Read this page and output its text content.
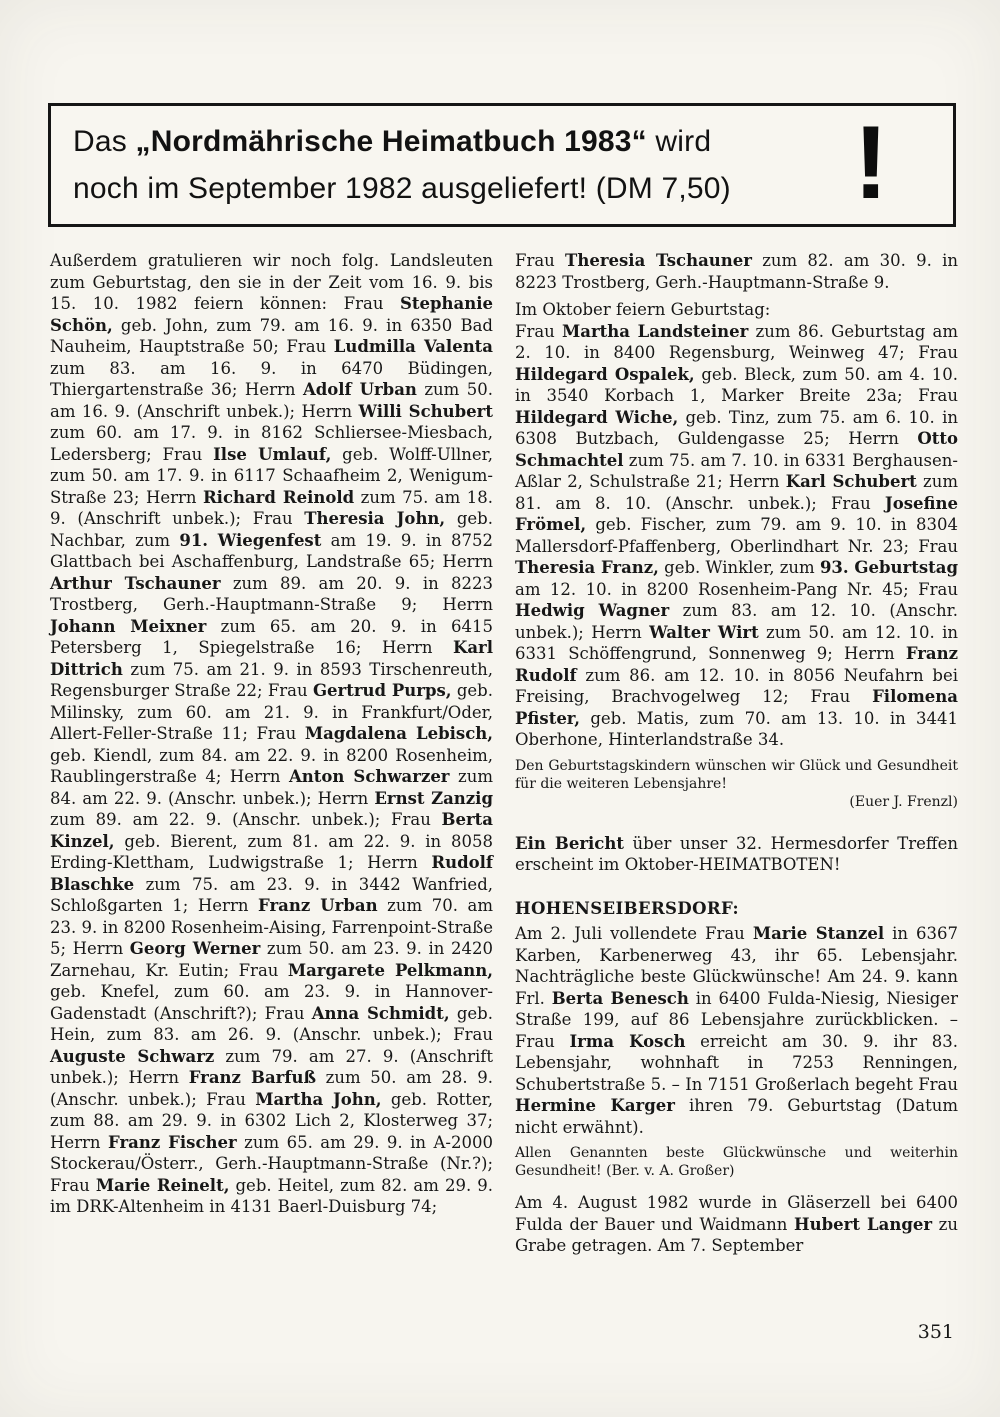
Das „Nordmährische Heimatbuch 1983“ wird
noch im September 1982 ausgeliefert! (DM 7,50)	!

Außerdem gratulieren wir noch folg. Landsleuten zum Geburtstag, den sie in der Zeit vom 16. 9. bis 15. 10. 1982 feiern können: Frau Stephanie Schön, geb. John, zum 79. am 16. 9. in 6350 Bad Nauheim, Hauptstraße 50; Frau Ludmilla Valenta zum 83. am 16. 9. in 6470 Büdingen, Thiergartenstraße 36; Herrn Adolf Urban zum 50. am 16. 9. (Anschrift unbek.); Herrn Willi Schubert zum 60. am 17. 9. in 8162 Schliersee-Miesbach, Ledersberg; Frau Ilse Umlauf, geb. Wolff-Ullner, zum 50. am 17. 9. in 6117 Schaafheim 2, Wenigum-Straße 23; Herrn Richard Reinold zum 75. am 18. 9. (Anschrift unbek.); Frau Theresia John, geb. Nachbar, zum 91. Wiegenfest am 19. 9. in 8752 Glattbach bei Aschaffenburg, Landstraße 65; Herrn Arthur Tschauner zum 89. am 20. 9. in 8223 Trostberg, Gerh.-Hauptmann-Straße 9; Herrn Johann Meixner zum 65. am 20. 9. in 6415 Petersberg 1, Spiegelstraße 16; Herrn Karl Dittrich zum 75. am 21. 9. in 8593 Tirschenreuth, Regensburger Straße 22; Frau Gertrud Purps, geb. Milinsky, zum 60. am 21. 9. in Frankfurt/Oder, Allert-Feller-Straße 11; Frau Magdalena Lebisch, geb. Kiendl, zum 84. am 22. 9. in 8200 Rosenheim, Raublingerstraße 4; Herrn Anton Schwarzer zum 84. am 22. 9. (Anschr. unbek.); Herrn Ernst Zanzig zum 89. am 22. 9. (Anschr. unbek.); Frau Berta Kinzel, geb. Bierent, zum 81. am 22. 9. in 8058 Erding-Klettham, Ludwigstraße 1; Herrn Rudolf Blaschke zum 75. am 23. 9. in 3442 Wanfried, Schloßgarten 1; Herrn Franz Urban zum 70. am 23. 9. in 8200 Rosenheim-Aising, Farrenpoint-Straße 5; Herrn Georg Werner zum 50. am 23. 9. in 2420 Zarnehau, Kr. Eutin; Frau Margarete Pelkmann, geb. Knefel, zum 60. am 23. 9. in Hannover-Gadenstadt (Anschrift?); Frau Anna Schmidt, geb. Hein, zum 83. am 26. 9. (Anschr. unbek.); Frau Auguste Schwarz zum 79. am 27. 9. (Anschrift unbek.); Herrn Franz Barfuß zum 50. am 28. 9. (Anschr. unbek.); Frau Martha John, geb. Rotter, zum 88. am 29. 9. in 6302 Lich 2, Klosterweg 37; Herrn Franz Fischer zum 65. am 29. 9. in A-2000 Stockerau/Österr., Gerh.-Hauptmann-Straße (Nr.?); Frau Marie Reinelt, geb. Heitel, zum 82. am 29. 9. im DRK-Altenheim in 4131 Baerl-Duisburg 74;

Frau Theresia Tschauner zum 82. am 30. 9. in 8223 Trostberg, Gerh.-Hauptmann-Straße 9.

Im Oktober feiern Geburtstag:

Frau Martha Landsteiner zum 86. Geburtstag am 2. 10. in 8400 Regensburg, Weinweg 47; Frau Hildegard Ospalek, geb. Bleck, zum 50. am 4. 10. in 3540 Korbach 1, Marker Breite 23a; Frau Hildegard Wiche, geb. Tinz, zum 75. am 6. 10. in 6308 Butzbach, Guldengasse 25; Herrn Otto Schmachtel zum 75. am 7. 10. in 6331 Berghausen-Aßlar 2, Schulstraße 21; Herrn Karl Schubert zum 81. am 8. 10. (Anschr. unbek.); Frau Josefine Frömel, geb. Fischer, zum 79. am 9. 10. in 8304 Mallersdorf-Pfaffenberg, Oberlindhart Nr. 23; Frau Theresia Franz, geb. Winkler, zum 93. Geburtstag am 12. 10. in 8200 Rosenheim-Pang Nr. 45; Frau Hedwig Wagner zum 83. am 12. 10. (Anschr. unbek.); Herrn Walter Wirt zum 50. am 12. 10. in 6331 Schöffengrund, Sonnenweg 9; Herrn Franz Rudolf zum 86. am 12. 10. in 8056 Neufahrn bei Freising, Brachvogelweg 12; Frau Filomena Pfister, geb. Matis, zum 70. am 13. 10. in 3441 Oberhone, Hinterlandstraße 34.

Den Geburtstagskindern wünschen wir Glück und Gesundheit für die weiteren Lebensjahre!

(Euer J. Frenzl)

Ein Bericht über unser 32. Hermesdorfer Treffen erscheint im Oktober-HEIMATBOTEN!

HOHENSEIBERSDORF:

Am 2. Juli vollendete Frau Marie Stanzel in 6367 Karben, Karbenerweg 43, ihr 65. Lebensjahr. Nachträgliche beste Glückwünsche! Am 24. 9. kann Frl. Berta Benesch in 6400 Fulda-Niesig, Niesiger Straße 199, auf 86 Lebensjahre zurückblicken. – Frau Irma Kosch erreicht am 30. 9. ihr 83. Lebensjahr, wohnhaft in 7253 Renningen, Schubertstraße 5. – In 7151 Großerlach begeht Frau Hermine Karger ihren 79. Geburtstag (Datum nicht erwähnt).

Allen Genannten beste Glückwünsche und weiterhin Gesundheit! (Ber. v. A. Großer)

Am 4. August 1982 wurde in Gläserzell bei 6400 Fulda der Bauer und Waidmann Hubert Langer zu Grabe getragen. Am 7. September

351
